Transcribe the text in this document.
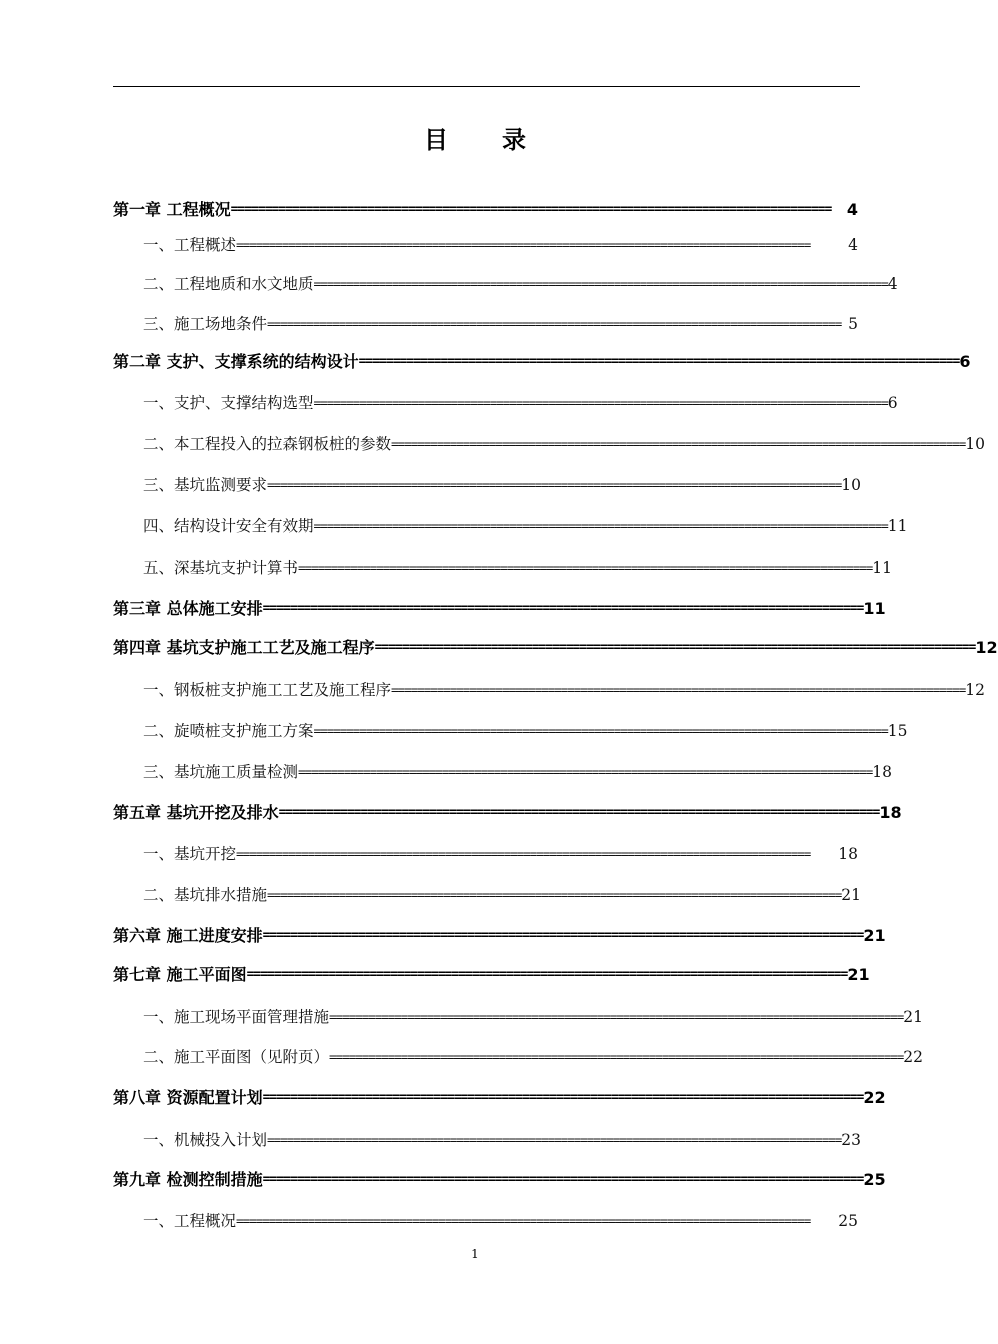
目 录
第一章 工程概况 ======================================================================================== 4
一、工程概述 ========================================================================================	4
二、工程地质和水文地质 ======================================================================================== 4
三、施工场地条件 ======================================================================================== 5
第二章 支护、支撑系统的结构设计 ======================================================================================== 6
一、支护、支撑结构选型 ======================================================================================== 6
二、本工程投入的拉森钢板桩的参数 ======================================================================================== 10
三、基坑监测要求 ======================================================================================== 10
四、结构设计安全有效期 ======================================================================================== 11
五、深基坑支护计算书 ======================================================================================== 11
第三章 总体施工安排 ======================================================================================== 11
第四章 基坑支护施工工艺及施工程序 ======================================================================================== 12
一、钢板桩支护施工工艺及施工程序 ======================================================================================== 12
二、旋喷桩支护施工方案 ======================================================================================== 15
三、基坑施工质量检测 ======================================================================================== 18
第五章 基坑开挖及排水 ======================================================================================== 18
一、基坑开挖 ========================================================================================	18
二、基坑排水措施 ======================================================================================== 21
第六章 施工进度安排 ======================================================================================== 21
第七章 施工平面图 ======================================================================================== 21
一、施工现场平面管理措施 ======================================================================================== 21
二、施工平面图（见附页） ======================================================================================== 22
第八章 资源配置计划 ======================================================================================== 22
一、机械投入计划 ======================================================================================== 23
第九章 检测控制措施 ======================================================================================== 25
一、工程概况 ========================================================================================	25
1
